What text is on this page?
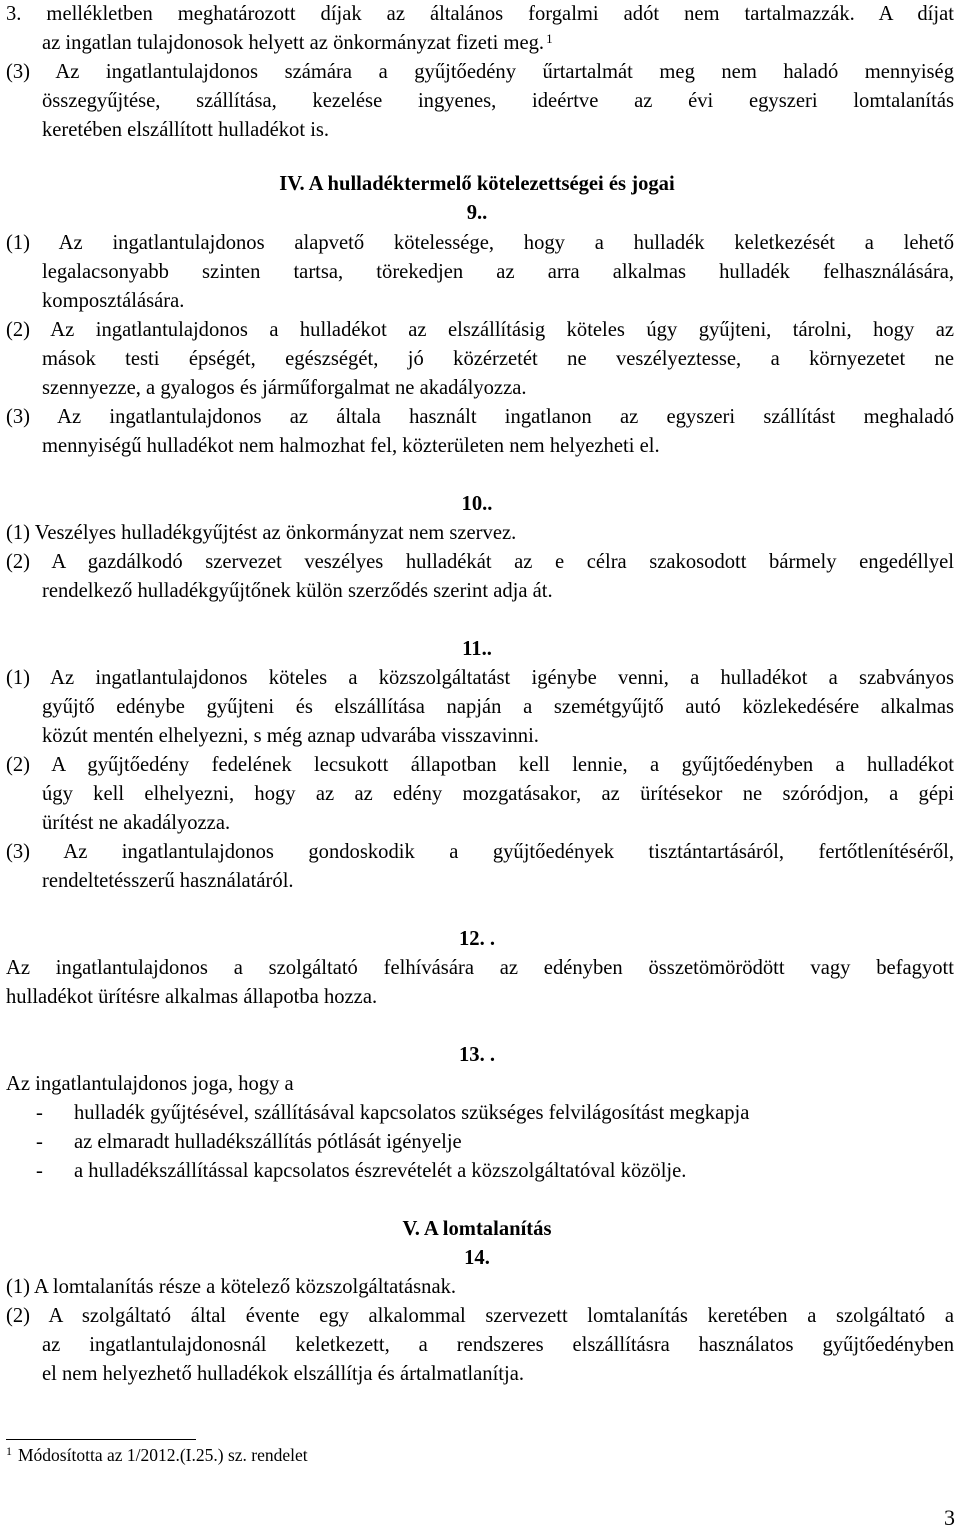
3. mellékletben meghatározott díjak az általános forgalmi adót nem tartalmazzák. A díjat
az ingatlan tulajdonosok helyett az önkormányzat fizeti meg. $^1$
(3) Az ingatlantulajdonos számára a gyűjtőedény űrtartalmát meg nem haladó mennyiség
összegyűjtése, szállítása, kezelése ingyenes, ideértve az évi egyszeri lomtalanítás
keretében elszállított hulladékot is.
IV. A hulladéktermelő kötelezettségei és jogai
9..
(1) Az ingatlantulajdonos alapvető kötelessége, hogy a hulladék keletkezését a lehető
legalacsonyabb szinten tartsa, törekedjen az arra alkalmas hulladék felhasználására,
komposztálására.
(2) Az ingatlantulajdonos a hulladékot az elszállításig köteles úgy gyűjteni, tárolni, hogy az
mások testi épségét, egészségét, jó közérzetét ne veszélyeztesse, a környezetet ne
szennyezze, a gyalogos és járműforgalmat ne akadályozza.
(3) Az ingatlantulajdonos az általa használt ingatlanon az egyszeri szállítást meghaladó
mennyiségű hulladékot nem halmozhat fel, közterületen nem helyezheti el.
10..
(1) Veszélyes hulladékgyűjtést az önkormányzat nem szervez.
(2) A gazdálkodó szervezet veszélyes hulladékát az e célra szakosodott bármely engedéllyel
rendelkező hulladékgyűjtőnek külön szerződés szerint adja át.
11..
(1) Az ingatlantulajdonos köteles a közszolgáltatást igénybe venni, a hulladékot a szabványos
gyűjtő edénybe gyűjteni és elszállítása napján a szemétgyűjtő autó közlekedésére alkalmas
közút mentén elhelyezni, s még aznap udvarába visszavinni.
(2) A gyűjtőedény fedelének lecsukott állapotban kell lennie, a gyűjtőedényben a hulladékot
úgy kell elhelyezni, hogy az az edény mozgatásakor, az ürítésekor ne szóródjon, a gépi
ürítést ne akadályozza.
(3) Az ingatlantulajdonos gondoskodik a gyűjtőedények tisztántartásáról, fertőtlenítéséről,
rendeltetésszerű használatáról.
12. .
Az ingatlantulajdonos a szolgáltató felhívására az edényben összetömörödött vagy befagyott
hulladékot ürítésre alkalmas állapotba hozza.
13. .
Az ingatlantulajdonos joga, hogy a
- hulladék gyűjtésével, szállításával kapcsolatos szükséges felvilágosítást megkapja
- az elmaradt hulladékszállítás pótlását igényelje
- a hulladékszállítással kapcsolatos észrevételét a közszolgáltatóval közölje.
V. A lomtalanítás
14.
(1) A lomtalanítás része a kötelező közszolgáltatásnak.
(2) A szolgáltató által évente egy alkalommal szervezett lomtalanítás keretében a szolgáltató a
az ingatlantulajdonosnál keletkezett, a rendszeres elszállításra használatos gyűjtőedényben
el nem helyezhető hulladékok elszállítja és ártalmatlanítja.
$^1$ Módosította az 1/2012.(I.25.) sz. rendelet
3
